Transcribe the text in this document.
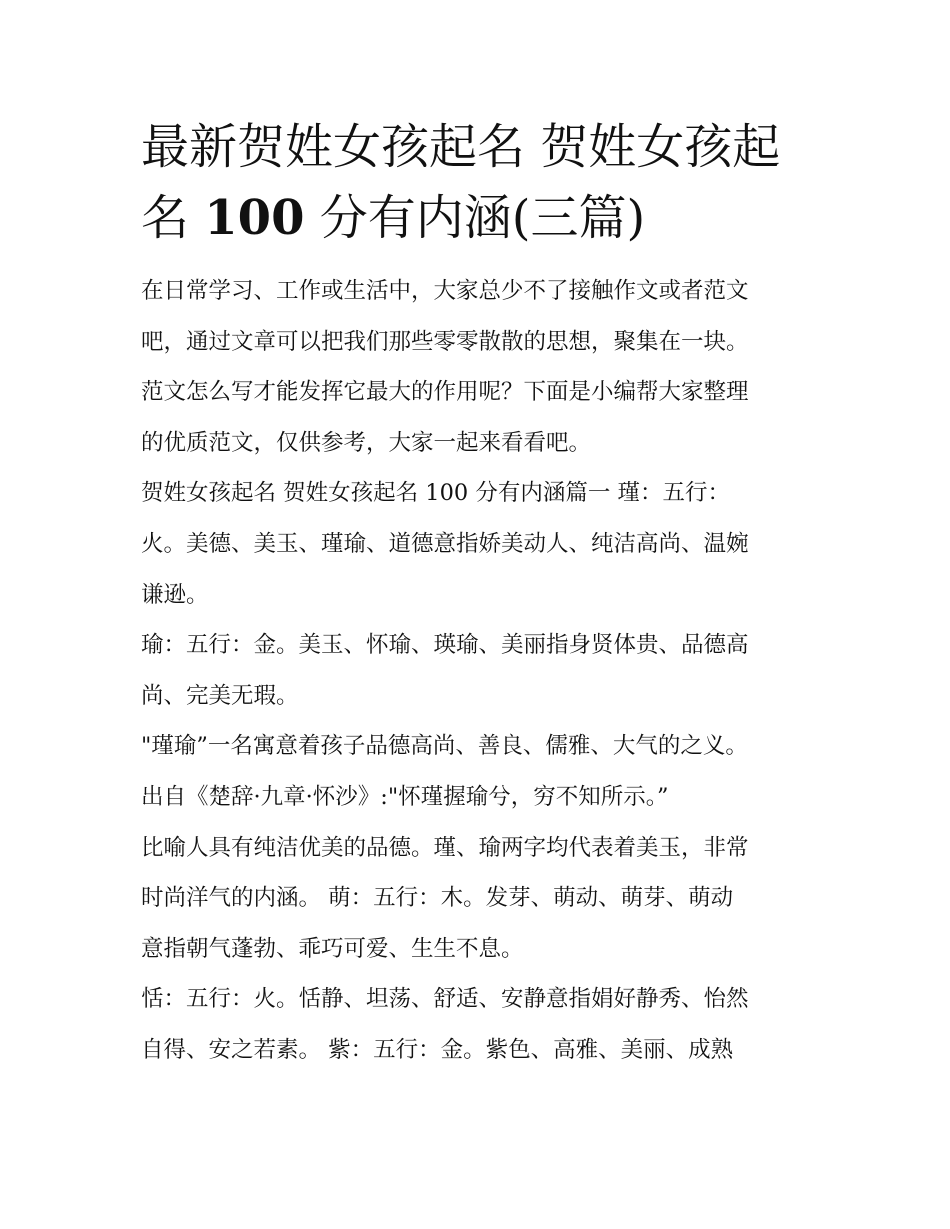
最新贺姓女孩起名 贺姓女孩起
名 100 分有内涵(三篇)

在日常学习、工作或生活中，大家总少不了接触作文或者范文
吧，通过文章可以把我们那些零零散散的思想，聚集在一块。
范文怎么写才能发挥它最大的作用呢？下面是小编帮大家整理
的优质范文，仅供参考，大家一起来看看吧。

贺姓女孩起名 贺姓女孩起名 100 分有内涵篇一 瑾：五行：
火。美德、美玉、瑾瑜、道德意指娇美动人、纯洁高尚、温婉
谦逊。

瑜：五行：金。美玉、怀瑜、瑛瑜、美丽指身贤体贵、品德高
尚、完美无瑕。

"瑾瑜”一名寓意着孩子品德高尚、善良、儒雅、大气的之义。
出自《楚辞·九章·怀沙》:"怀瑾握瑜兮，穷不知所示。”

比喻人具有纯洁优美的品德。瑾、瑜两字均代表着美玉，非常
时尚洋气的内涵。 萌：五行：木。发芽、萌动、萌芽、萌动
意指朝气蓬勃、乖巧可爱、生生不息。

恬：五行：火。恬静、坦荡、舒适、安静意指娟好静秀、怡然
自得、安之若素。 紫：五行：金。紫色、高雅、美丽、成熟
